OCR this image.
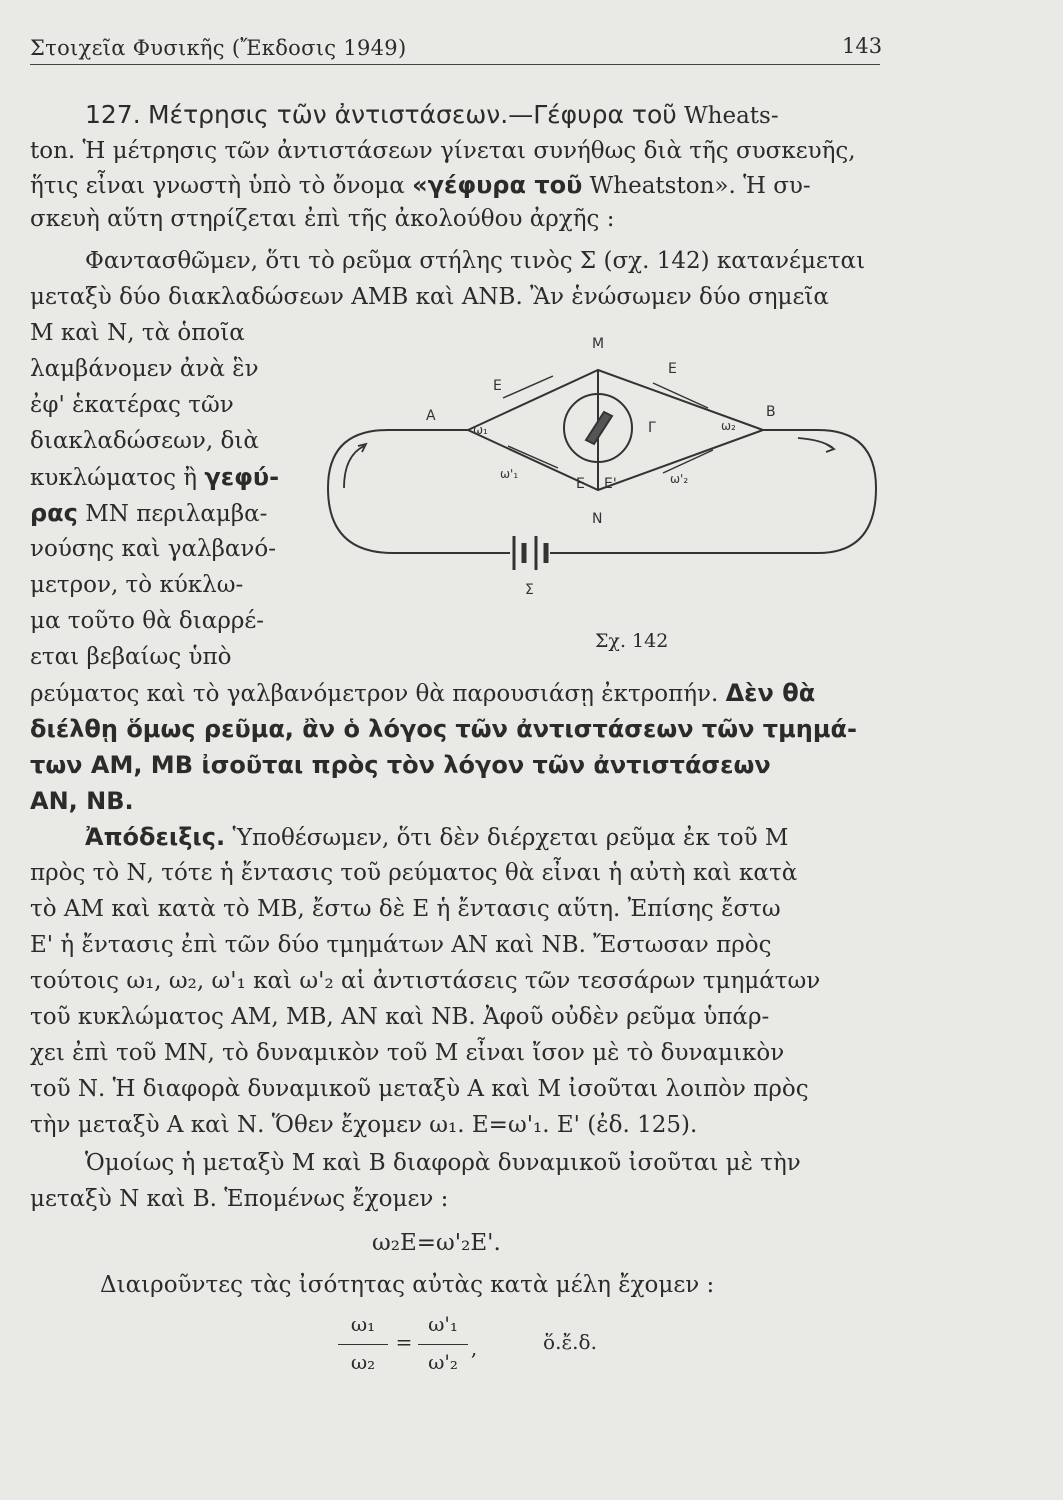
Στοιχεῖα Φυσικῆς (Ἔκδοσις 1949)	143
127. Μέτρησις τῶν ἀντιστάσεων.—Γέφυρα τοῦ Wheats-
ton. Ἡ μέτρησις τῶν ἀντιστάσεων γίνεται συνήθως διὰ τῆς συσκευῆς,
ἥτις εἶναι γνωστὴ ὑπὸ τὸ ὄνομα «γέφυρα τοῦ Wheatston». Ἡ συ-
σκευὴ αὕτη στηρίζεται ἐπὶ τῆς ἀκολούθου ἀρχῆς :
Φαντασθῶμεν, ὅτι τὸ ρεῦμα στήλης τινὸς Σ (σχ. 142) κατανέμεται
μεταξὺ δύο διακλαδώσεων ΑΜΒ καὶ ΑΝΒ. Ἂν ἑνώσωμεν δύο σημεῖα
Μ καὶ Ν, τὰ ὁποῖα
λαμβάνομεν ἀνὰ ἓν
ἐφ' ἑκατέρας τῶν
διακλαδώσεων, διὰ
κυκλώματος ἢ γεφύ-
ρας ΜΝ περιλαμβα-
νούσης καὶ γαλβανό-
μετρον, τὸ κύκλω-
μα τοῦτο θὰ διαρρέ-
εται βεβαίως ὑπὸ
Μ
Ν
Α	Β
Ε
Ε
Γ
Ε Ε'
ω₁	ω₂
ω'₁	ω'₂
Σ
Σχ. 142
ρεύματος καὶ τὸ γαλβανόμετρον θὰ παρουσιάσῃ ἐκτροπήν. Δὲν θὰ
διέλθῃ ὅμως ρεῦμα, ἂν ὁ λόγος τῶν ἀντιστάσεων τῶν τμημά-
των ΑΜ, ΜΒ ἰσοῦται πρὸς τὸν λόγον τῶν ἀντιστάσεων
ΑΝ, ΝΒ.
Ἀπόδειξις. Ὑποθέσωμεν, ὅτι δὲν διέρχεται ρεῦμα ἐκ τοῦ Μ
πρὸς τὸ Ν, τότε ἡ ἔντασις τοῦ ρεύματος θὰ εἶναι ἡ αὐτὴ καὶ κατὰ
τὸ ΑΜ καὶ κατὰ τὸ ΜΒ, ἔστω δὲ Ε ἡ ἔντασις αὕτη. Ἐπίσης ἔστω
Ε' ἡ ἔντασις ἐπὶ τῶν δύο τμημάτων ΑΝ καὶ ΝΒ. Ἔστωσαν πρὸς
τούτοις ω₁, ω₂, ω'₁ καὶ ω'₂ αἱ ἀντιστάσεις τῶν τεσσάρων τμημάτων
τοῦ κυκλώματος ΑΜ, ΜΒ, ΑΝ καὶ ΝΒ. Ἀφοῦ οὐδὲν ρεῦμα ὑπάρ-
χει ἐπὶ τοῦ ΜΝ, τὸ δυναμικὸν τοῦ Μ εἶναι ἴσον μὲ τὸ δυναμικὸν
τοῦ Ν. Ἡ διαφορὰ δυναμικοῦ μεταξὺ Α καὶ Μ ἰσοῦται λοιπὸν πρὸς
τὴν μεταξὺ Α καὶ Ν. Ὅθεν ἔχομεν ω₁. Ε=ω'₁. Ε' (ἐδ. 125).
Ὁμοίως ἡ μεταξὺ Μ καὶ Β διαφορὰ δυναμικοῦ ἰσοῦται μὲ τὴν
μεταξὺ Ν καὶ Β. Ἑπομένως ἔχομεν :
ω₂Ε=ω'₂Ε'.
Διαιροῦντες τὰς ἰσότητας αὐτὰς κατὰ μέλη ἔχομεν :
ω₁
ω₂
=
ω'₁
ω'₂
,	ὅ.ἔ.δ.
